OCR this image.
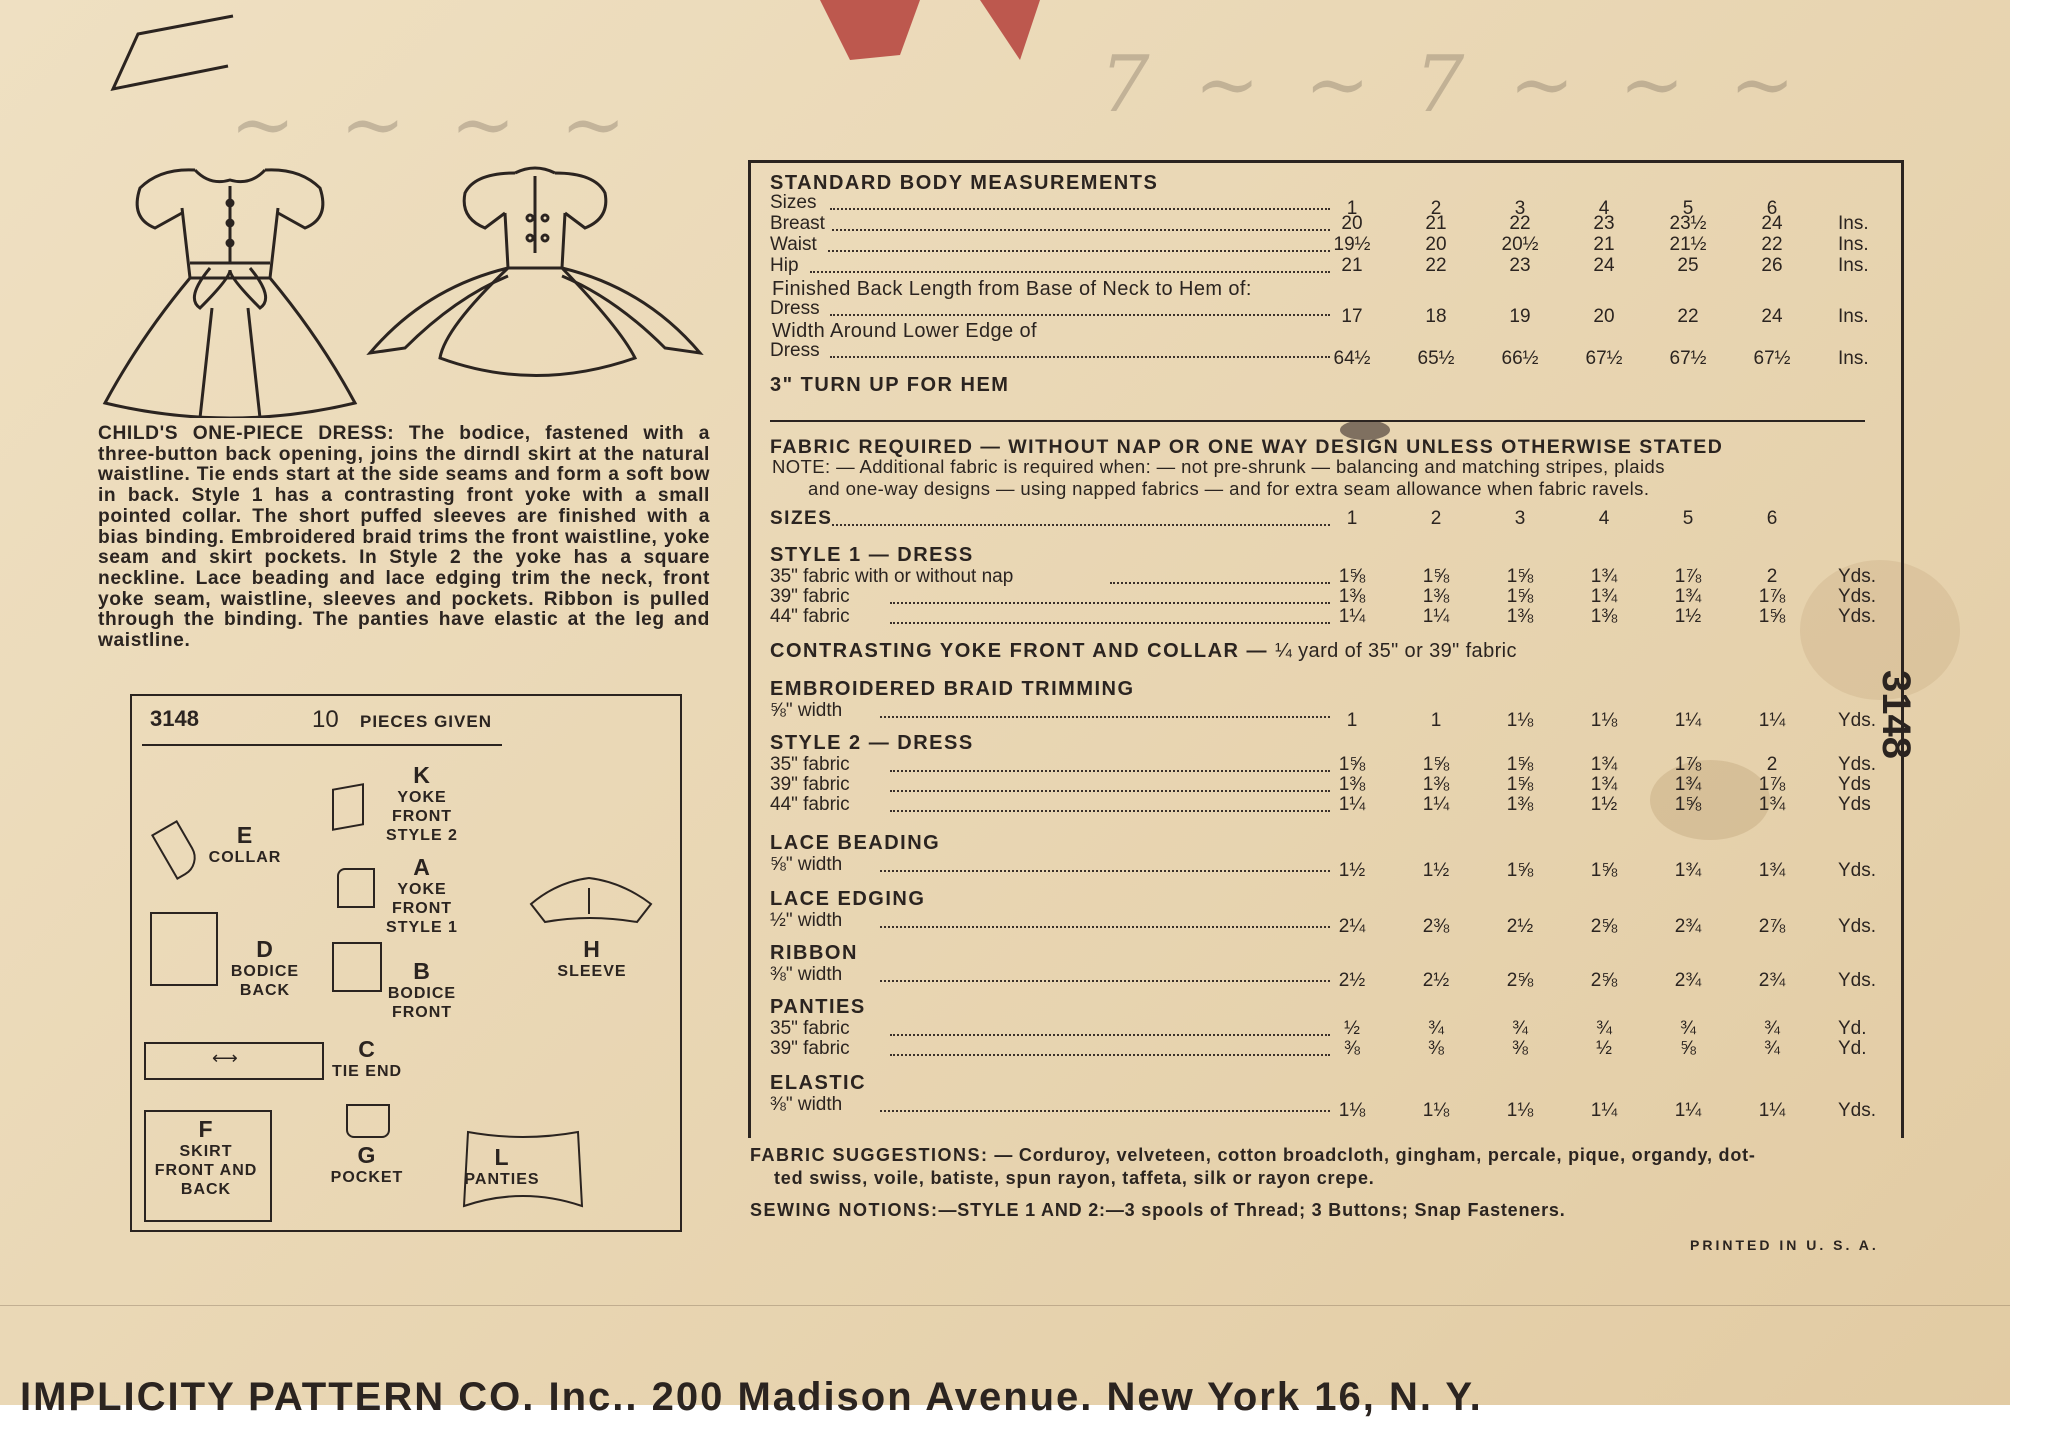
~ ~ ~ ~	7 ~ ~ 7 ~ ~ ~
CHILD'S ONE-PIECE DRESS: The bodice, fastened with a three-button back opening, joins the dirndl skirt at the natural waistline. Tie ends start at the side seams and form a soft bow in back. Style 1 has a contrasting front yoke with a small pointed collar. The short puffed sleeves are finished with a bias binding. Embroidered braid trims the front waistline, yoke seam and skirt pockets. In Style 2 the yoke has a square neckline. Lace beading and lace edging trim the neck, front yoke seam, waistline, sleeves and pockets. Ribbon is pulled through the binding. The panties have elastic at the leg and waistline.
3148	10 PIECES GIVEN
K
YOKE FRONT STYLE 2
E
COLLAR	A
YOKE FRONT STYLE 1
H
SLEEVE
D
BODICE BACK
B
BODICE FRONT
⟷	C
TIE END
F
SKIRT FRONT AND BACK
G
POCKET
L
PANTIES
STANDARD BODY MEASUREMENTS
Finished Back Length from Base of Neck to Hem of:
Width Around Lower Edge of
3" TURN UP FOR HEM
FABRIC REQUIRED — WITHOUT NAP OR ONE WAY DESIGN UNLESS OTHERWISE STATED
NOTE: — Additional fabric is required when: — not pre-shrunk — balancing and matching stripes, plaids
and one-way designs — using napped fabrics — and for extra seam allowance when fabric ravels.
CONTRASTING YOKE FRONT AND COLLAR — ¼ yard of 35" or 39" fabric
FABRIC SUGGESTIONS: — Corduroy, velveteen, cotton broadcloth, gingham, percale, pique, organdy, dot-
ted swiss, voile, batiste, spun rayon, taffeta, silk or rayon crepe.
SEWING NOTIONS:—STYLE 1 AND 2:—3 spools of Thread; 3 Buttons; Snap Fasteners.
PRINTED IN U. S. A.
3148
IMPLICITY PATTERN CO. Inc.. 200 Madison Avenue. New York 16, N. Y.
Sizes	1	2	3	4	5	6
Breast	20	21	22	23	23½	24	Ins.
Waist	19½	20	20½	21	21½	22	Ins.
Hip	21	22	23	24	25	26	Ins.
Dress	17	18	19	20	22	24	Ins.
Dress	64½	65½	66½	67½	67½	67½	Ins.
SIZES	1	2	3	4	5	6
STYLE 1 — DRESS
35" fabric with or without nap	1⅝	1⅝	1⅝	1¾	1⅞	2	Yds.
39" fabric	1⅜	1⅜	1⅝	1¾	1¾	1⅞	Yds.
44" fabric	1¼	1¼	1⅜	1⅜	1½	1⅝	Yds.
EMBROIDERED BRAID TRIMMING
⅝" width	1	1	1⅛	1⅛	1¼	1¼	Yds.
STYLE 2 — DRESS
35" fabric	1⅝	1⅝	1⅝	1¾	1⅞	2	Yds.
39" fabric	1⅜	1⅜	1⅝	1¾	1¾	1⅞	Yds
44" fabric	1¼	1¼	1⅜	1½	1⅝	1¾	Yds
LACE BEADING
⅝" width	1½	1½	1⅝	1⅝	1¾	1¾	Yds.
LACE EDGING
½" width	2¼	2⅜	2½	2⅝	2¾	2⅞	Yds.
RIBBON
⅜" width	2½	2½	2⅝	2⅝	2¾	2¾	Yds.
PANTIES
35" fabric	½	¾	¾	¾	¾	¾	Yd.
39" fabric	⅜	⅜	⅜	½	⅝	¾	Yd.
ELASTIC
⅜" width	1⅛	1⅛	1⅛	1¼	1¼	1¼	Yds.
